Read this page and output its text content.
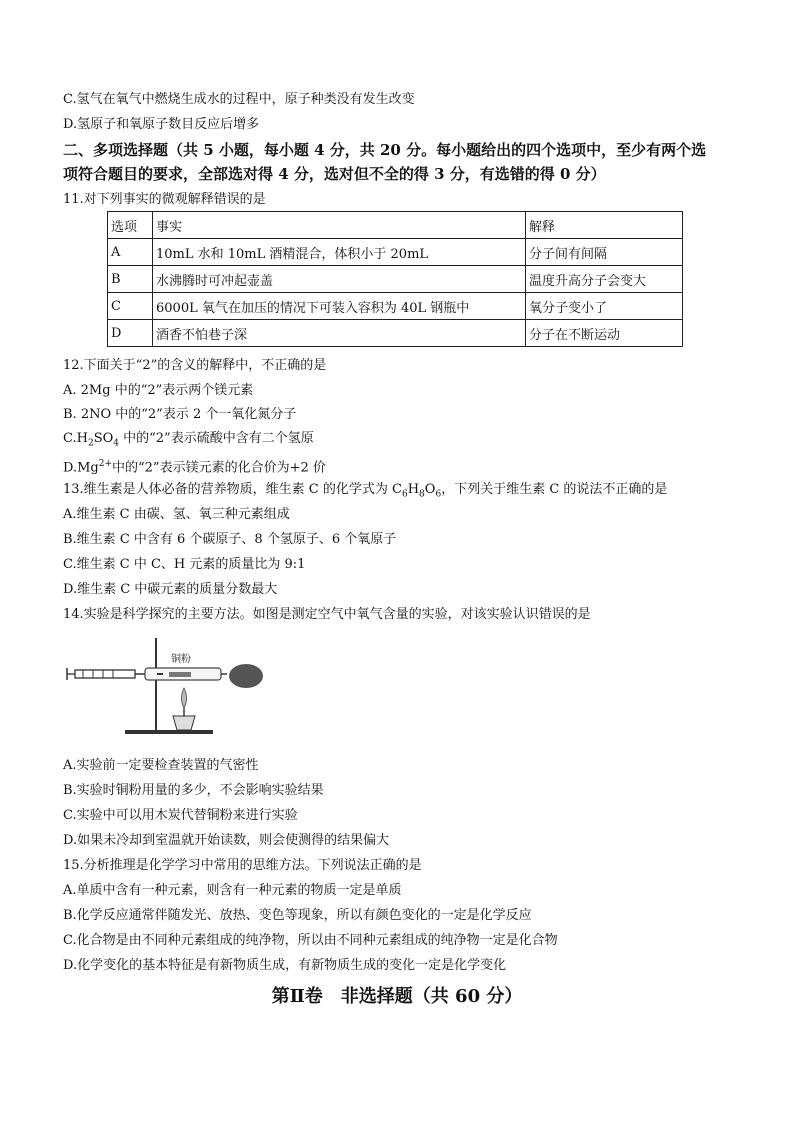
C.氢气在氧气中燃烧生成水的过程中，原子种类没有发生改变
D.氢原子和氧原子数目反应后增多
二、多项选择题（共 5 小题，每小题 4 分，共 20 分。每小题给出的四个选项中，至少有两个选
项符合题目的要求，全部选对得 4 分，选对但不全的得 3 分，有选错的得 0 分）
11.对下列事实的微观解释错误的是
选项	事实	解释
A	10mL 水和 10mL 酒精混合，体积小于 20mL	分子间有间隔
B	水沸腾时可冲起壶盖	温度升高分子会变大
C	6000L 氧气在加压的情况下可装入容积为 40L 钢瓶中	氧分子变小了
D	酒香不怕巷子深	分子在不断运动
12.下面关于“2”的含义的解释中，不正确的是
A. 2Mg 中的“2”表示两个镁元素
B. 2NO 中的“2”表示 2 个一氧化氮分子
$C.H_2SO_4$ 中的“2”表示硫酸中含有二个氢原
$D.Mg^{2+}$中的“2”表示镁元素的化合价为+2 价
13.维生素是人体必备的营养物质，维生素 C 的化学式为 $C_6H_8O_6$，下列关于维生素 C 的说法不正确的是
A.维生素 C 由碳、氢、氧三种元素组成
B.维生素 C 中含有 6 个碳原子、8 个氢原子、6 个氧原子
C.维生素 C 中 C、H 元素的质量比为 9:1
D.维生素 C 中碳元素的质量分数最大
14.实验是科学探究的主要方法。如图是测定空气中氧气含量的实验，对该实验认识错误的是
铜粉
A.实验前一定要检查装置的气密性
B.实验时铜粉用量的多少，不会影响实验结果
C.实验中可以用木炭代替铜粉来进行实验
D.如果未冷却到室温就开始读数，则会使测得的结果偏大
15.分析推理是化学学习中常用的思维方法。下列说法正确的是
A.单质中含有一种元素，则含有一种元素的物质一定是单质
B.化学反应通常伴随发光、放热、变色等现象，所以有颜色变化的一定是化学反应
C.化合物是由不同种元素组成的纯净物，所以由不同种元素组成的纯净物一定是化合物
D.化学变化的基本特征是有新物质生成，有新物质生成的变化一定是化学变化
第Ⅱ卷　非选择题（共 60 分）
